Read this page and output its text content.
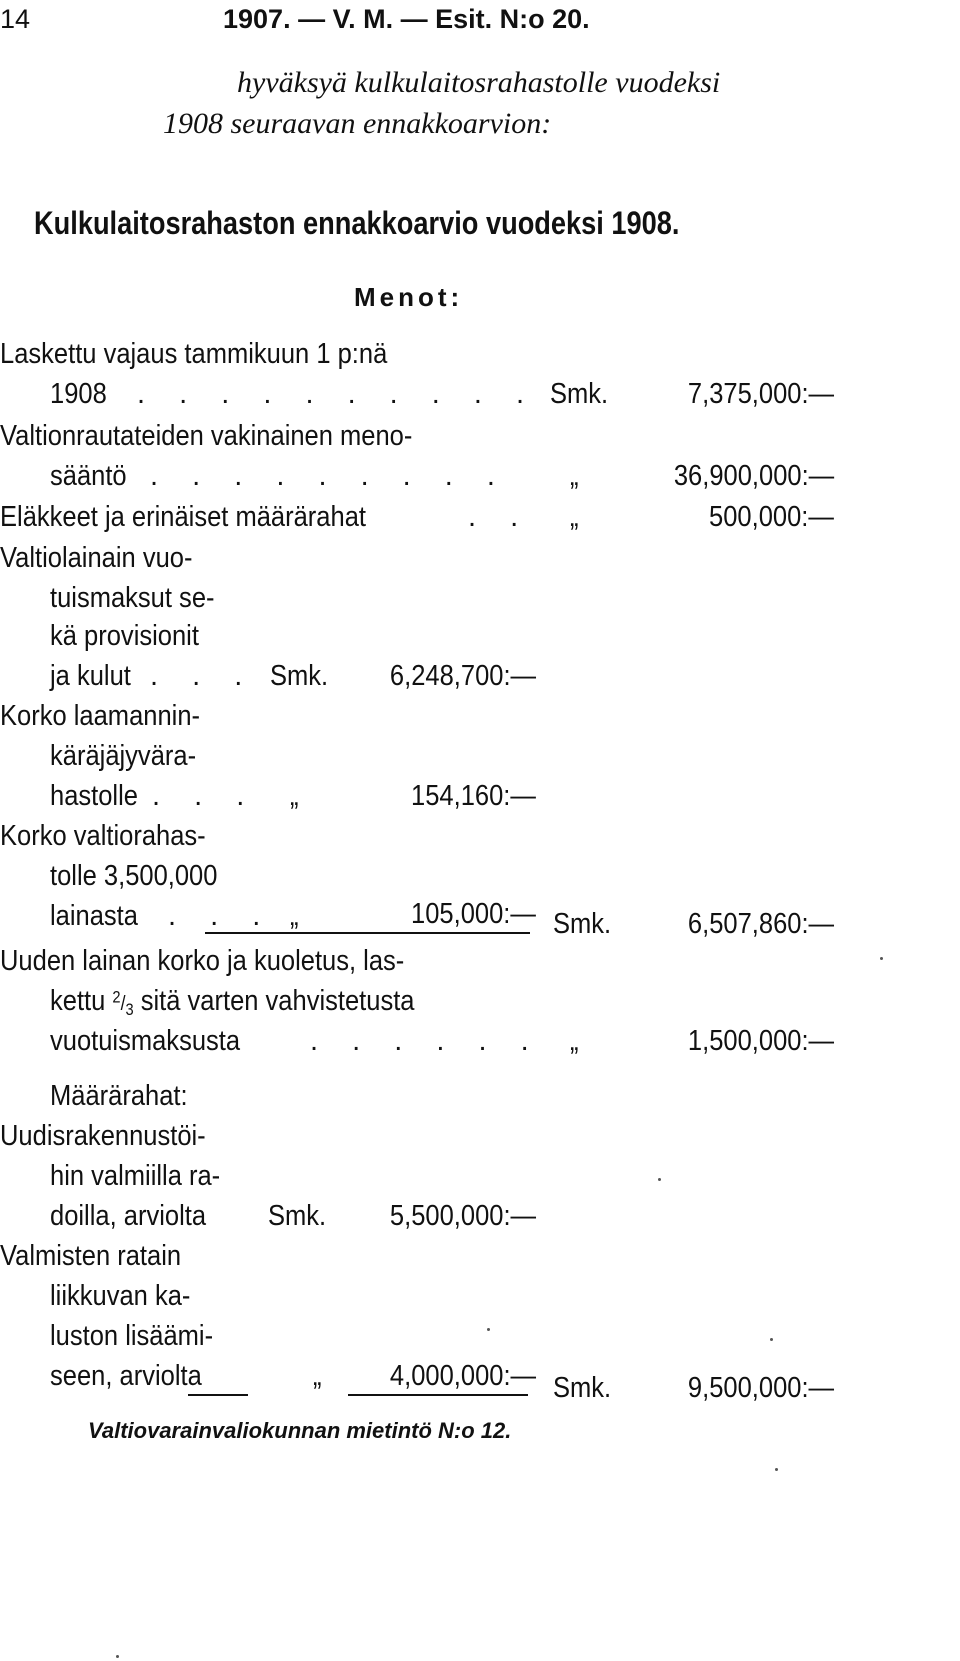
14	1907. — V. M. — Esit. N:o 20.
hyväksyä kulkulaitosrahastolle vuodeksi
1908 seuraavan ennakkoarvion:
Kulkulaitosrahaston ennakkoarvio vuodeksi 1908.
Menot:
Laskettu vajaus tammikuun 1 p:nä
1908 . . . . . . . . . . Smk.	7,375,000:—
Valtionrautateiden vakinainen meno-
sääntö . . . . . . . . . „	36,900,000:—
Eläkkeet ja erinäiset määrärahat	. . „	500,000:—
Valtiolainain vuo-
tuismaksut se-
kä provisionit
ja kulut . . . Smk. 6,248,700:—
Korko laamannin-
käräjäjyvära-
hastolle . . . „	154,160:—
Korko valtiorahas-
tolle 3,500,000
lainasta . . . „	105,000:— Smk.	6,507,860:—
Uuden lainan korko ja kuoletus, las-
kettu $^2/_3$ sitä varten vahvistetusta
vuotuismaksusta . . . . . . „	1,500,000:—
Määrärahat:
Uudisrakennustöi-
hin valmiilla ra-
doilla, arviolta Smk. 5,500,000:—
Valmisten ratain
liikkuvan ka-
luston lisäämi-
seen, arviolta	„ 4,000,000:— Smk.	9,500,000:—
Valtiovarainvaliokunnan mietintö N:o 12.
